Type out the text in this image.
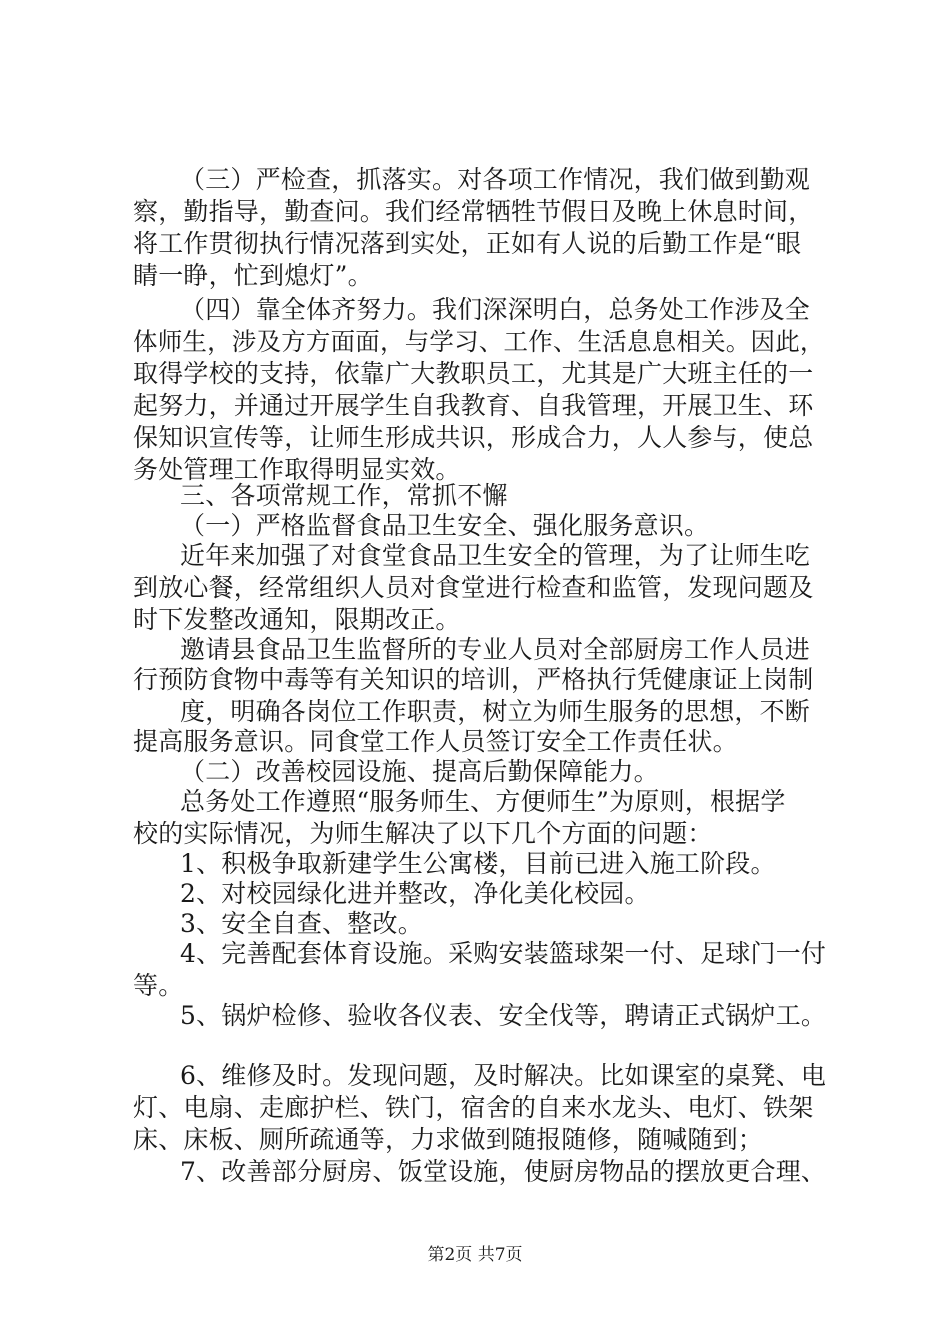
（三）严检查，抓落实。对各项工作情况，我们做到勤观
察，勤指导，勤查问。我们经常牺牲节假日及晚上休息时间，
将工作贯彻执行情况落到实处，正如有人说的后勤工作是“眼
睛一睁，忙到熄灯”。
（四）靠全体齐努力。我们深深明白，总务处工作涉及全
体师生，涉及方方面面，与学习、工作、生活息息相关。因此，
取得学校的支持，依靠广大教职员工，尤其是广大班主任的一
起努力，并通过开展学生自我教育、自我管理，开展卫生、环
保知识宣传等，让师生形成共识，形成合力，人人参与，使总
务处管理工作取得明显实效。
三、各项常规工作，常抓不懈
（一）严格监督食品卫生安全、强化服务意识。
近年来加强了对食堂食品卫生安全的管理，为了让师生吃
到放心餐，经常组织人员对食堂进行检查和监管，发现问题及
时下发整改通知，限期改正。
邀请县食品卫生监督所的专业人员对全部厨房工作人员进
行预防食物中毒等有关知识的培训，严格执行凭健康证上岗制
度，明确各岗位工作职责，树立为师生服务的思想，不断
提高服务意识。同食堂工作人员签订安全工作责任状。
（二）改善校园设施、提高后勤保障能力。
总务处工作遵照“服务师生、方便师生”为原则，根据学
校的实际情况，为师生解决了以下几个方面的问题：
1、积极争取新建学生公寓楼，目前已进入施工阶段。
2、对校园绿化进并整改，净化美化校园。
3、安全自查、整改。
4、完善配套体育设施。采购安装篮球架一付、足球门一付
等。
5、锅炉检修、验收各仪表、安全伐等，聘请正式锅炉工。
6、维修及时。发现问题，及时解决。比如课室的桌凳、电
灯、电扇、走廊护栏、铁门，宿舍的自来水龙头、电灯、铁架
床、床板、厕所疏通等，力求做到随报随修，随喊随到；
7、改善部分厨房、饭堂设施，使厨房物品的摆放更合理、
第2页 共7页
